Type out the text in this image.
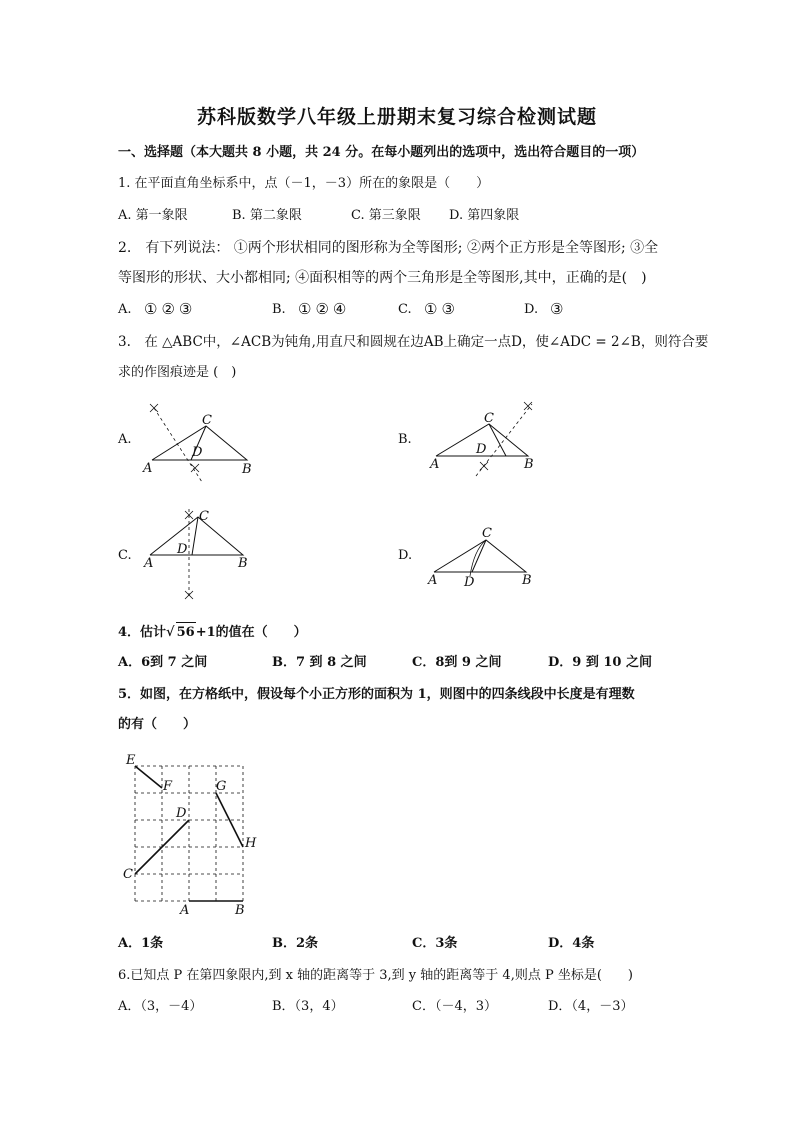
苏科版数学八年级上册期末复习综合检测试题
一、选择题（本大题共 8 小题，共 24 分。在每小题列出的选项中，选出符合题目的一项）
1. 在平面直角坐标系中，点（－1，－3）所在的象限是（　　）
A. 第一象限	B. 第二象限	C. 第三象限 D. 第四象限
2.　有下列说法： ①两个形状相同的图形称为全等图形; ②两个正方形是全等图形; ③全
等图形的形状、大小都相同; ④面积相等的两个三角形是全等图形,其中，正确的是(　)
A. ①②③	B. ①②④	C. ①③	D. ③
3.　在 △ABC中，∠ACB为钝角,用直尺和圆规在边AB上确定一点D，使∠ADC = 2∠B，则符合要
求的作图痕迹是 (　)
A.
A	B
C
D
B.
A	B
C
D
C.
A	B
C
D	D.
A	B
C
D
4．估计√ 56+1的值在（　　）
A．6到 7 之间	B．7 到 8 之间	C．8到 9 之间	D．9 到 10 之间
5．如图，在方格纸中，假设每个小正方形的面积为 1，则图中的四条线段中长度是有理数
的有（　　）
E
F	G
D
H
C
A	B
A．1条	B．2条	C．3条	D．4条
6.已知点 P 在第四象限内,到 x 轴的距离等于 3,到 y 轴的距离等于 4,则点 P 坐标是(　　)
A．（3，－4）	B．（3，4）	C．（－4，3）	D．（4，－3）
